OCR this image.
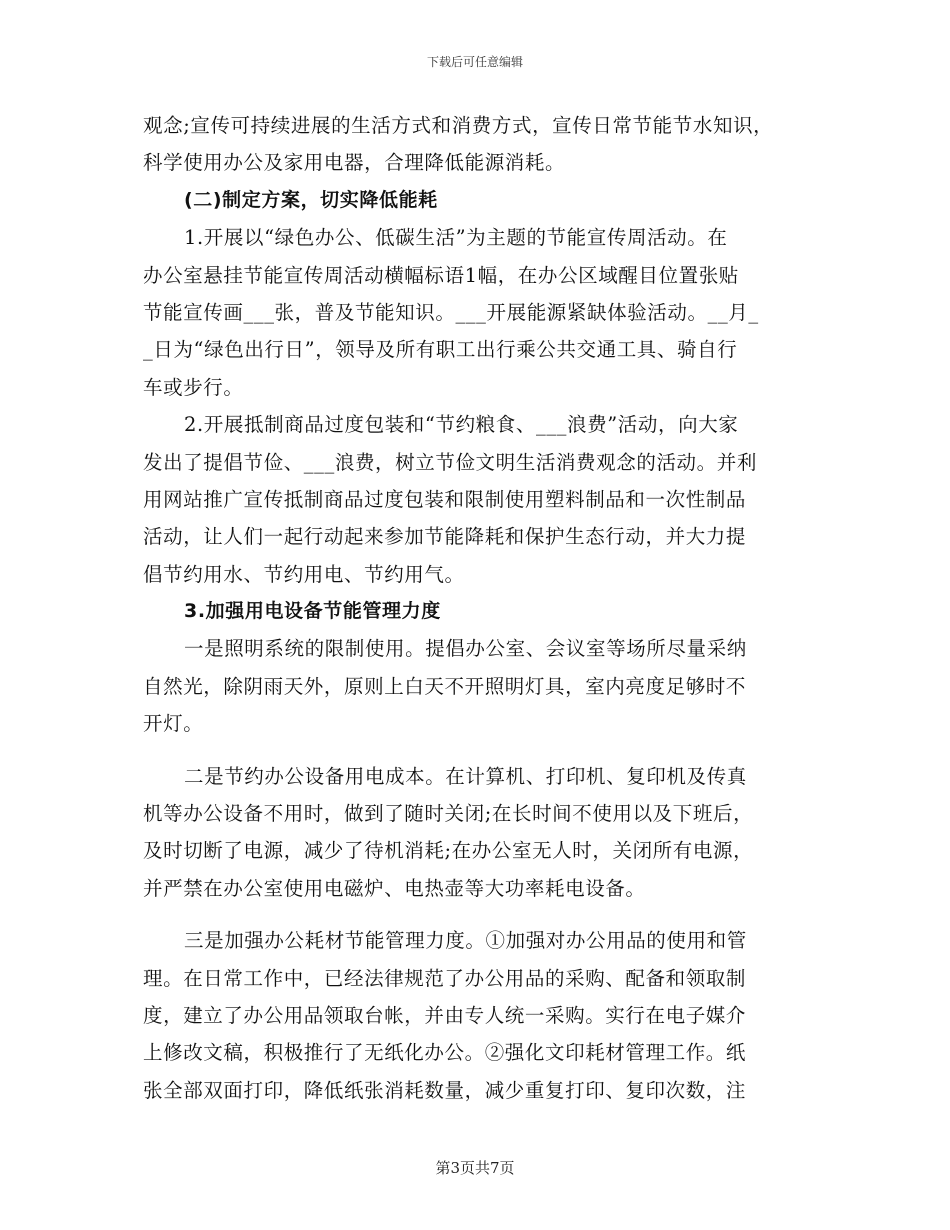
下载后可任意编辑
观念;宣传可持续进展的生活方式和消费方式，宣传日常节能节水知识，
科学使用办公及家用电器，合理降低能源消耗。
(二)制定方案，切实降低能耗
1.开展以“绿色办公、低碳生活”为主题的节能宣传周活动。在
办公室悬挂节能宣传周活动横幅标语1幅，在办公区域醒目位置张贴
节能宣传画___张，普及节能知识。___开展能源紧缺体验活动。__月_
_日为“绿色出行日”，领导及所有职工出行乘公共交通工具、骑自行
车或步行。
2.开展抵制商品过度包装和“节约粮食、___浪费”活动，向大家
发出了提倡节俭、___浪费，树立节俭文明生活消费观念的活动。并利
用网站推广宣传抵制商品过度包装和限制使用塑料制品和一次性制品
活动，让人们一起行动起来参加节能降耗和保护生态行动，并大力提
倡节约用水、节约用电、节约用气。
3.加强用电设备节能管理力度
一是照明系统的限制使用。提倡办公室、会议室等场所尽量采纳
自然光，除阴雨天外，原则上白天不开照明灯具，室内亮度足够时不
开灯。
二是节约办公设备用电成本。在计算机、打印机、复印机及传真
机等办公设备不用时，做到了随时关闭;在长时间不使用以及下班后，
及时切断了电源，减少了待机消耗;在办公室无人时，关闭所有电源，
并严禁在办公室使用电磁炉、电热壶等大功率耗电设备。
三是加强办公耗材节能管理力度。①加强对办公用品的使用和管
理。在日常工作中，已经法律规范了办公用品的采购、配备和领取制
度，建立了办公用品领取台帐，并由专人统一采购。实行在电子媒介
上修改文稿，积极推行了无纸化办公。②强化文印耗材管理工作。纸
张全部双面打印，降低纸张消耗数量，减少重复打印、复印次数，注
第3页共7页
